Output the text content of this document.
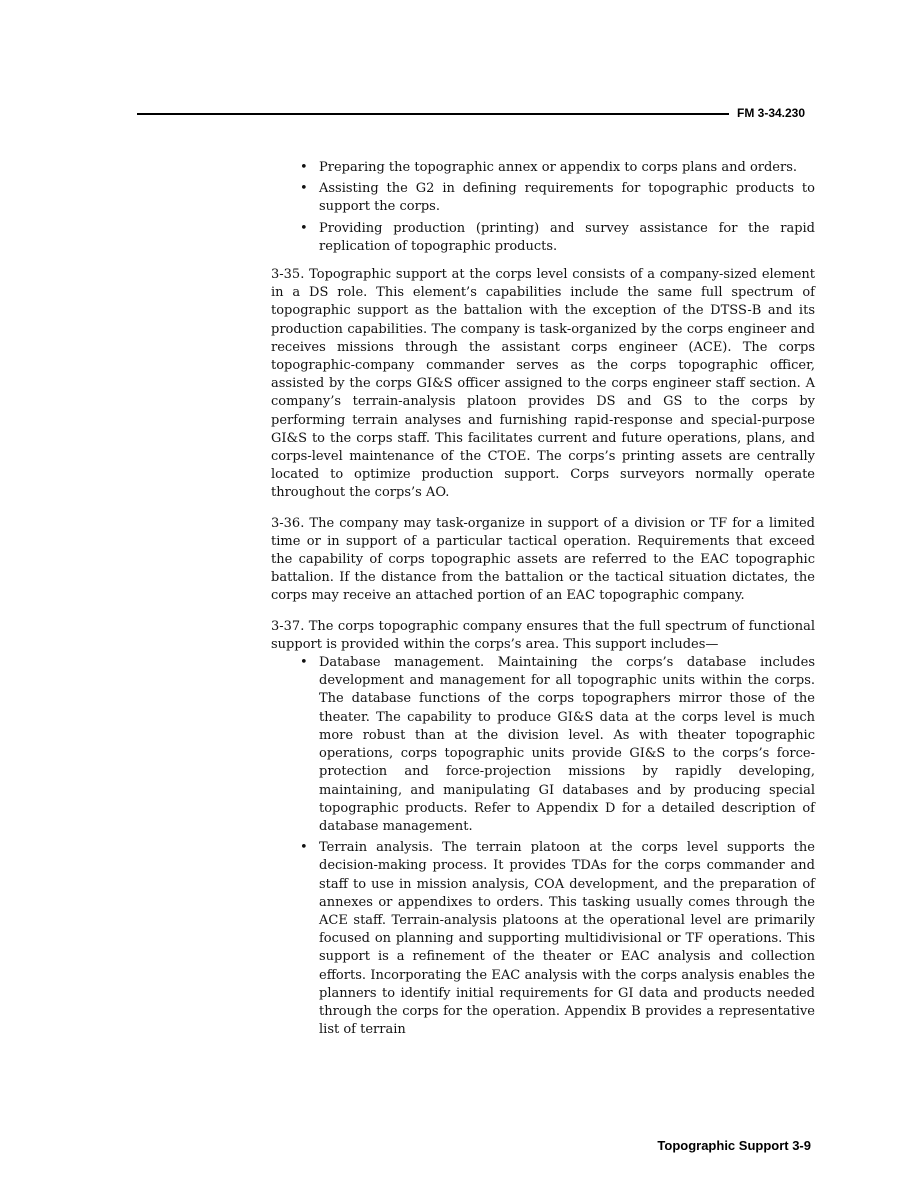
FM 3-34.230
• Preparing the topographic annex or appendix to corps plans and orders.
• Assisting the G2 in defining requirements for topographic products to support the corps.
• Providing production (printing) and survey assistance for the rapid replication of topographic products.

3-35. Topographic support at the corps level consists of a company-sized element in a DS role. This element’s capabilities include the same full spectrum of topographic support as the battalion with the exception of the DTSS-B and its production capabilities. The company is task-organized by the corps engineer and receives missions through the assistant corps engineer (ACE). The corps topographic-company commander serves as the corps topographic officer, assisted by the corps GI&S officer assigned to the corps engineer staff section. A company’s terrain-analysis platoon provides DS and GS to the corps by performing terrain analyses and furnishing rapid-response and special-purpose GI&S to the corps staff. This facilitates current and future operations, plans, and corps-level maintenance of the CTOE. The corps’s printing assets are centrally located to optimize production support. Corps surveyors normally operate throughout the corps’s AO.

3-36. The company may task-organize in support of a division or TF for a limited time or in support of a particular tactical operation. Requirements that exceed the capability of corps topographic assets are referred to the EAC topographic battalion. If the distance from the battalion or the tactical situation dictates, the corps may receive an attached portion of an EAC topographic company.

3-37. The corps topographic company ensures that the full spectrum of functional support is provided within the corps’s area. This support includes—

• Database management. Maintaining the corps’s database includes development and management for all topographic units within the corps. The database functions of the corps topographers mirror those of the theater. The capability to produce GI&S data at the corps level is much more robust than at the division level. As with theater topographic operations, corps topographic units provide GI&S to the corps’s force-protection and force-projection missions by rapidly developing, maintaining, and manipulating GI databases and by producing special topographic products. Refer to Appendix D for a detailed description of database management.
• Terrain analysis. The terrain platoon at the corps level supports the decision-making process. It provides TDAs for the corps commander and staff to use in mission analysis, COA development, and the preparation of annexes or appendixes to orders. This tasking usually comes through the ACE staff. Terrain-analysis platoons at the operational level are primarily focused on planning and supporting multidivisional or TF operations. This support is a refinement of the theater or EAC analysis and collection efforts. Incorporating the EAC analysis with the corps analysis enables the planners to identify initial requirements for GI data and products needed through the corps for the operation. Appendix B provides a representative list of terrain
Topographic Support 3-9
